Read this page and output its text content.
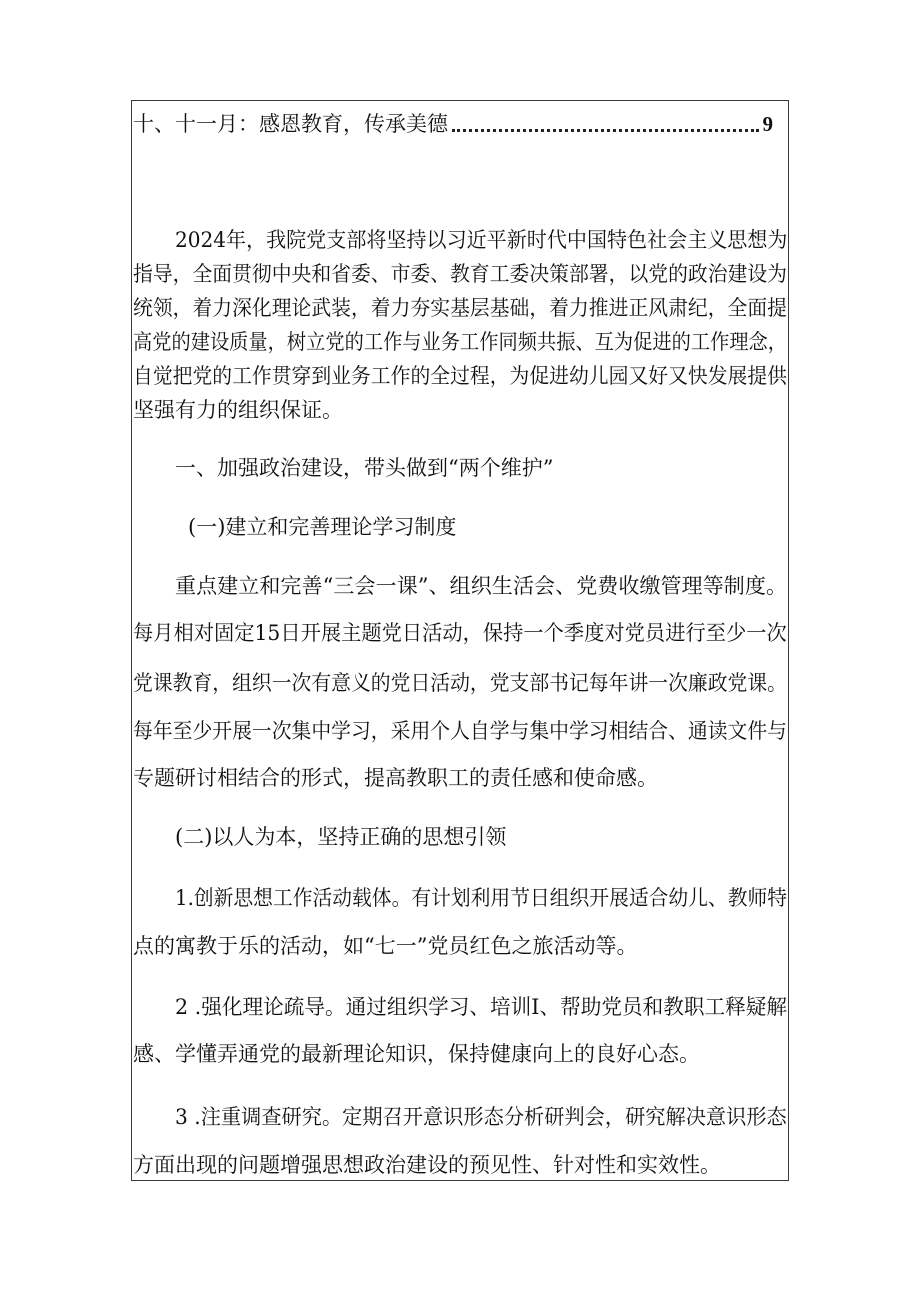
十、十一月：感恩教育，传承美德	9
2024年，我院党支部将坚持以习近平新时代中国特色社会主义思想为
指导，全面贯彻中央和省委、市委、教育工委决策部署，以党的政治建设为
统领，着力深化理论武装，着力夯实基层基础，着力推进正风肃纪，全面提
高党的建设质量，树立党的工作与业务工作同频共振、互为促进的工作理念，
自觉把党的工作贯穿到业务工作的全过程，为促进幼儿园又好又快发展提供
坚强有力的组织保证。
一、加强政治建设，带头做到“两个维护”
(一)建立和完善理论学习制度
重点建立和完善“三会一课”、组织生活会、党费收缴管理等制度。
每月相对固定15日开展主题党日活动，保持一个季度对党员进行至少一次
党课教育，组织一次有意义的党日活动，党支部书记每年讲一次廉政党课。
每年至少开展一次集中学习，采用个人自学与集中学习相结合、通读文件与
专题研讨相结合的形式，提高教职工的责任感和使命感。
(二)以人为本，坚持正确的思想引领
1.创新思想工作活动载体。有计划利用节日组织开展适合幼儿、教师特
点的寓教于乐的活动，如“七一”党员红色之旅活动等。
2 .强化理论疏导。通过组织学习、培训I、帮助党员和教职工释疑解
感、学懂弄通党的最新理论知识，保持健康向上的良好心态。
3 .注重调查研究。定期召开意识形态分析研判会，研究解决意识形态
方面出现的问题增强思想政治建设的预见性、针对性和实效性。
